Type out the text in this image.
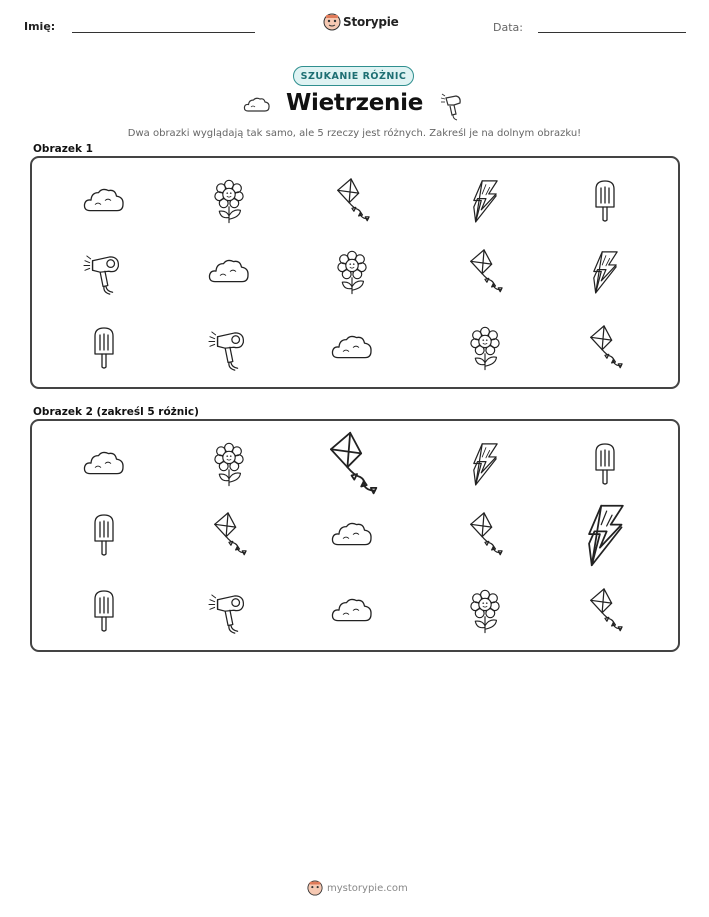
Imię:	Storypie	Data:
SZUKANIE RÓŻNIC
Wietrzenie
Dwa obrazki wyglądają tak samo, ale 5 rzeczy jest różnych. Zakreśl je na dolnym obrazku!
Obrazek 1
Obrazek 2 (zakreśl 5 różnic)
mystorypie.com
